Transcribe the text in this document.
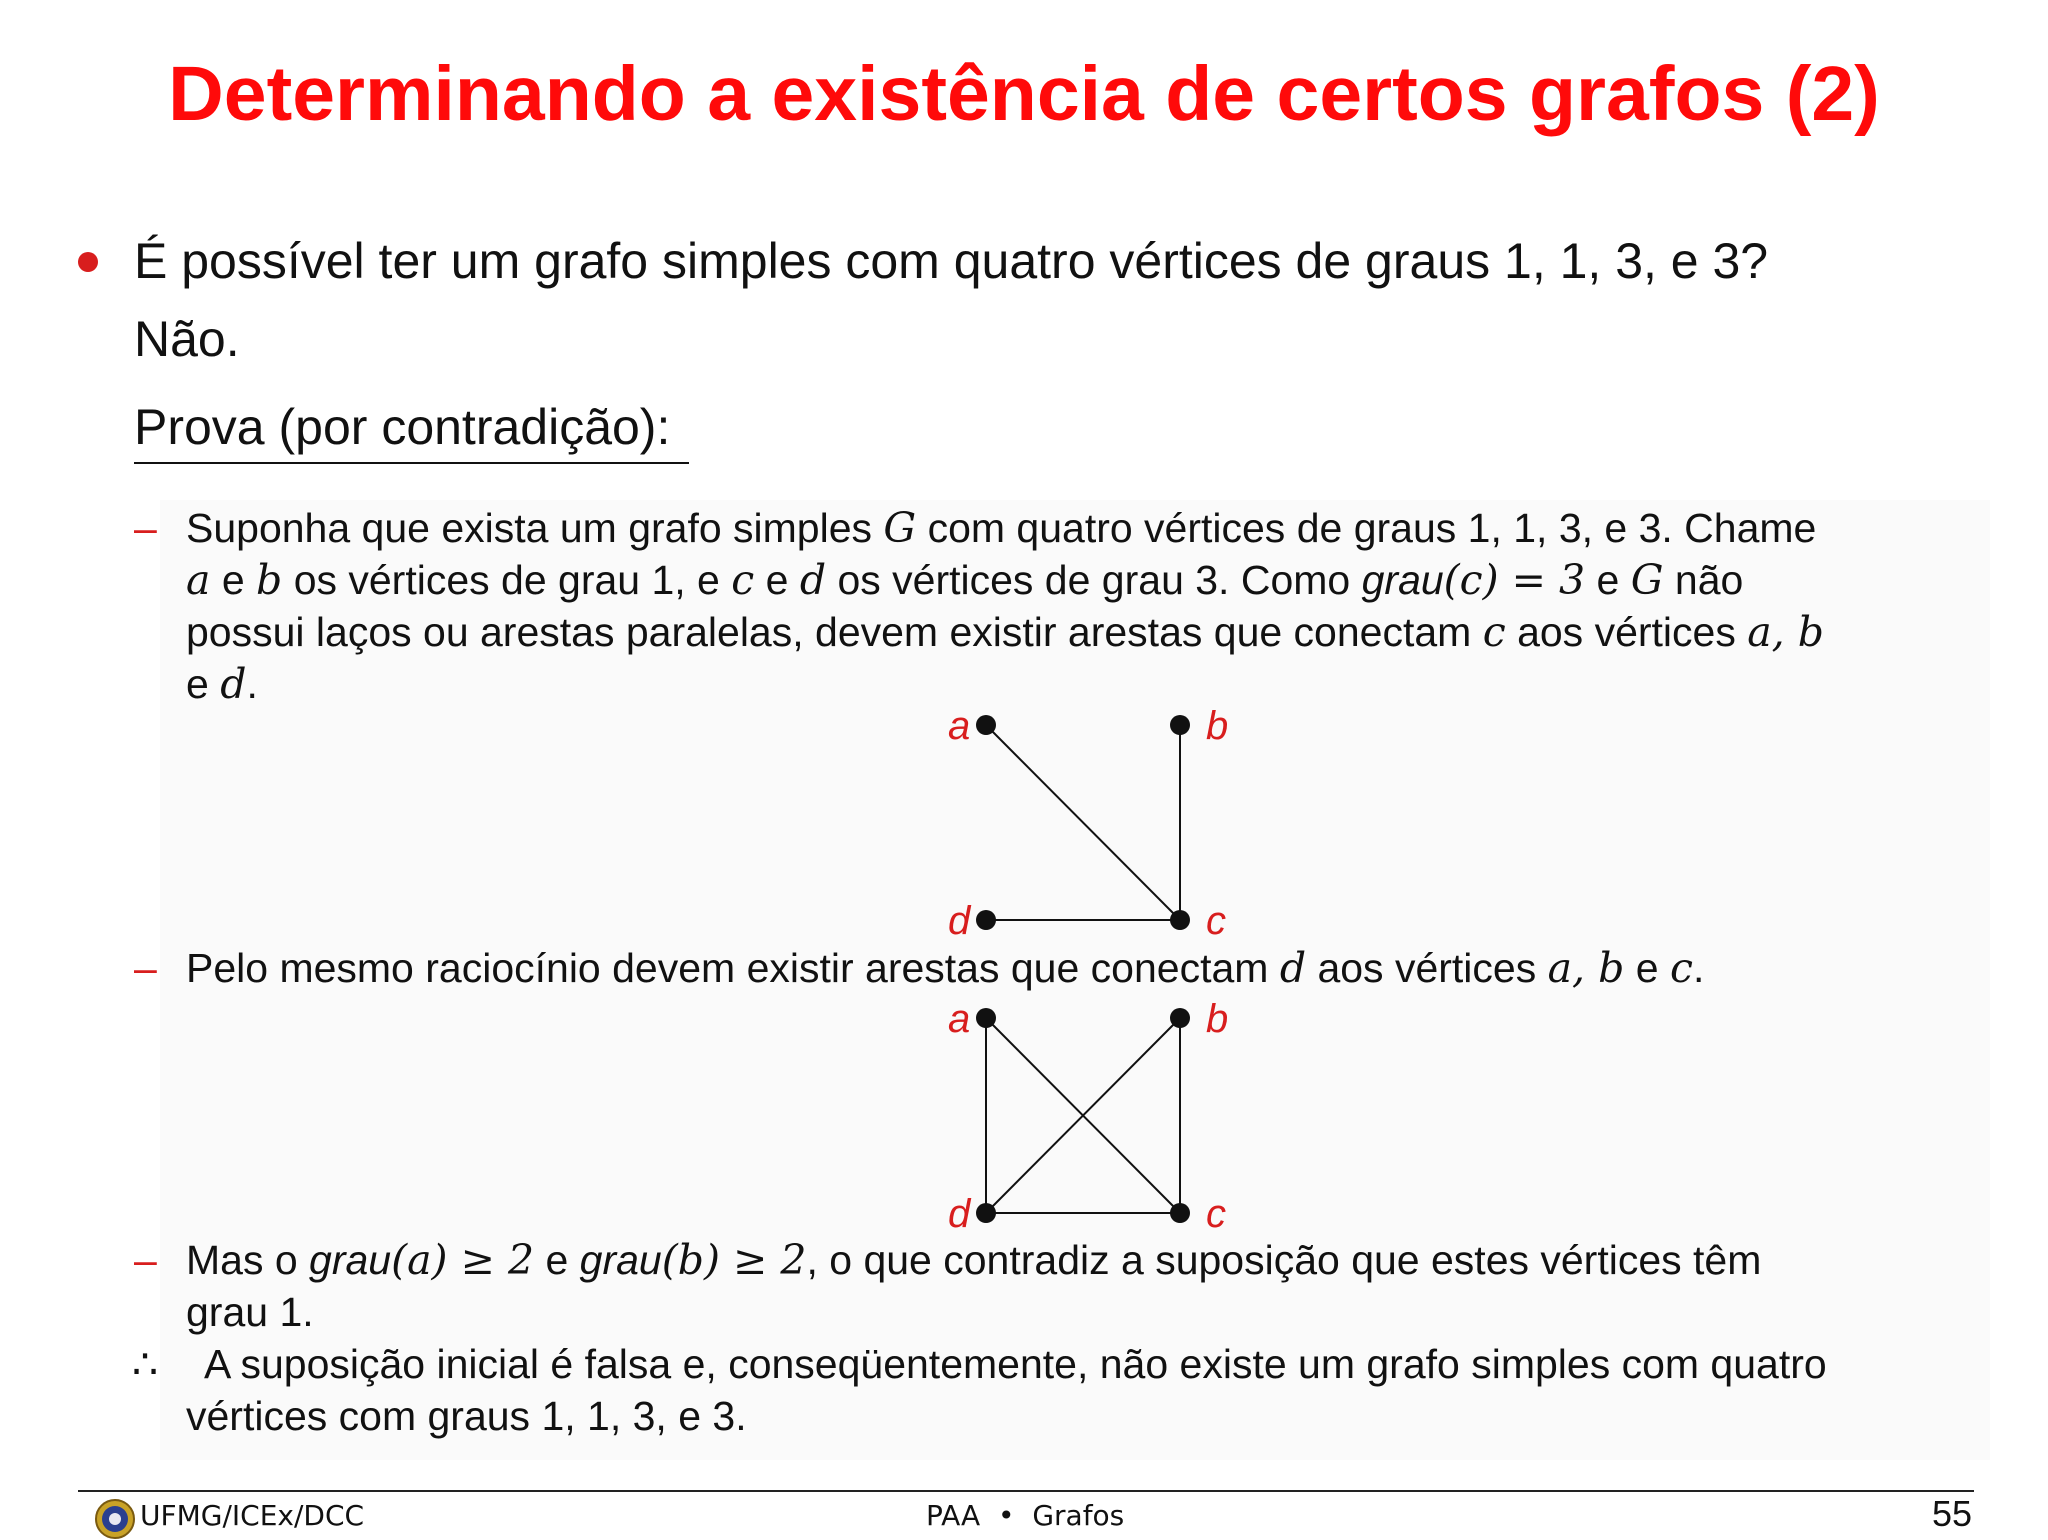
Determinando a existência de certos grafos (2)
É possível ter um grafo simples com quatro vértices de graus 1, 1, 3, e 3?
Não.
Prova (por contradição):
– Suponha que exista um grafo simples G com quatro vértices de graus 1, 1, 3, e 3. Chame
a e b os vértices de grau 1, e c e d os vértices de grau 3. Como grau(c) = 3 e G não
possui laços ou arestas paralelas, devem existir arestas que conectam c aos vértices a, b
e d.
a	b
d	c
– Pelo mesmo raciocínio devem existir arestas que conectam d aos vértices a, b e c.
a	b
d	c
– Mas o grau(a) ≥ 2 e grau(b) ≥ 2, o que contradiz a suposição que estes vértices têm
grau 1.
∴ A suposição inicial é falsa e, conseqüentemente, não existe um grafo simples com quatro
vértices com graus 1, 1, 3, e 3.
UFMG/ICEx/DCC	PAA • Grafos	55
